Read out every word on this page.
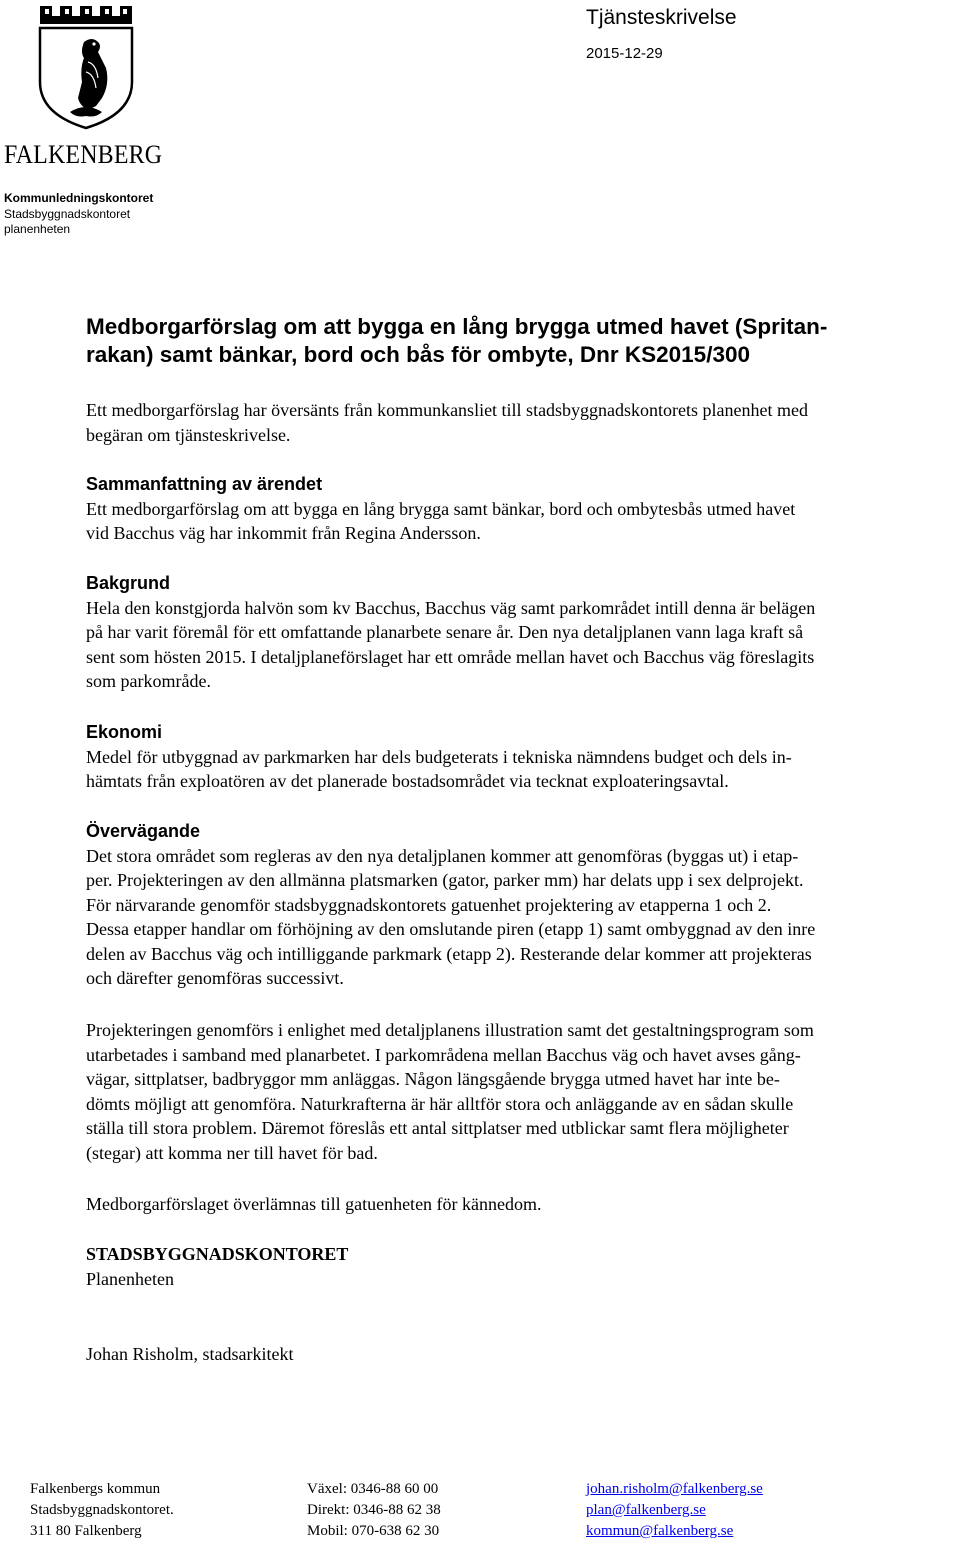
FALKENBERG
Kommunledningskontoret
Stadsbyggnadskontoret
planenheten
Tjänsteskrivelse
2015-12-29
Medborgarförslag om att bygga en lång brygga utmed havet (Spritan-
rakan) samt bänkar, bord och bås för ombyte, Dnr KS2015/300
Ett medborgarförslag har översänts från kommunkansliet till stadsbyggnadskontorets planenhet med
begäran om tjänsteskrivelse.
Sammanfattning av ärendet
Ett medborgarförslag om att bygga en lång brygga samt bänkar, bord och ombytesbås utmed havet
vid Bacchus väg har inkommit från Regina Andersson.
Bakgrund
Hela den konstgjorda halvön som kv Bacchus, Bacchus väg samt parkområdet intill denna är belägen
på har varit föremål för ett omfattande planarbete senare år. Den nya detaljplanen vann laga kraft så
sent som hösten 2015. I detaljplaneförslaget har ett område mellan havet och Bacchus väg föreslagits
som parkområde.
Ekonomi
Medel för utbyggnad av parkmarken har dels budgeterats i tekniska nämndens budget och dels in-
hämtats från exploatören av det planerade bostadsområdet via tecknat exploateringsavtal.
Övervägande
Det stora området som regleras av den nya detaljplanen kommer att genomföras (byggas ut) i etap-
per. Projekteringen av den allmänna platsmarken (gator, parker mm) har delats upp i sex delprojekt.
För närvarande genomför stadsbyggnadskontorets gatuenhet projektering av etapperna 1 och 2.
Dessa etapper handlar om förhöjning av den omslutande piren (etapp 1) samt ombyggnad av den inre
delen av Bacchus väg och intilliggande parkmark (etapp 2). Resterande delar kommer att projekteras
och därefter genomföras successivt.
Projekteringen genomförs i enlighet med detaljplanens illustration samt det gestaltningsprogram som
utarbetades i samband med planarbetet. I parkområdena mellan Bacchus väg och havet avses gång-
vägar, sittplatser, badbryggor mm anläggas. Någon längsgående brygga utmed havet har inte be-
dömts möjligt att genomföra. Naturkrafterna är här alltför stora och anläggande av en sådan skulle
ställa till stora problem. Däremot föreslås ett antal sittplatser med utblickar samt flera möjligheter
(stegar) att komma ner till havet för bad.
Medborgarförslaget överlämnas till gatuenheten för kännedom.
STADSBYGGNADSKONTORET
Planenheten
Johan Risholm, stadsarkitekt
Falkenbergs kommun
Stadsbyggnadskontoret.
311 80 Falkenberg
Växel: 0346-88 60 00
Direkt: 0346-88 62 38
Mobil: 070-638 62 30
johan.risholm@falkenberg.se
plan@falkenberg.se
kommun@falkenberg.se
